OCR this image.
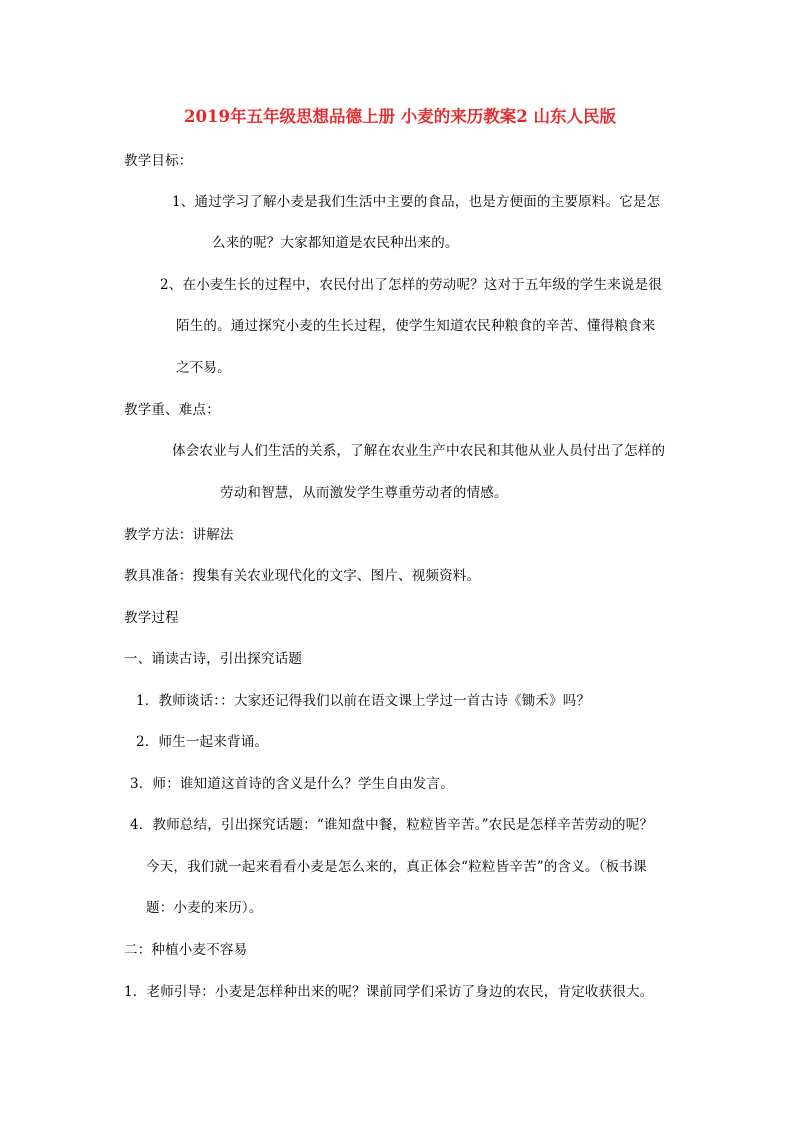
2019年五年级思想品德上册 小麦的来历教案2 山东人民版
教学目标：
1、通过学习了解小麦是我们生活中主要的食品，也是方便面的主要原料。它是怎
么来的呢？大家都知道是农民种出来的。
2、在小麦生长的过程中，农民付出了怎样的劳动呢？这对于五年级的学生来说是很
陌生的。通过探究小麦的生长过程，使学生知道农民种粮食的辛苦、懂得粮食来
之不易。
教学重、难点：
体会农业与人们生活的关系，了解在农业生产中农民和其他从业人员付出了怎样的
劳动和智慧，从而激发学生尊重劳动者的情感。
教学方法：讲解法
教具准备：搜集有关农业现代化的文字、图片、视频资料。
教学过程
一、诵读古诗，引出探究话题
1．教师谈话：：大家还记得我们以前在语文课上学过一首古诗《锄禾》吗？
2．师生一起来背诵。
3．师：谁知道这首诗的含义是什么？学生自由发言。
4．教师总结，引出探究话题：“谁知盘中餐，粒粒皆辛苦。”农民是怎样辛苦劳动的呢？
今天，我们就一起来看看小麦是怎么来的，真正体会“粒粒皆辛苦”的含义。（板书课
题：小麦的来历）。
二：种植小麦不容易
1．老师引导：小麦是怎样种出来的呢？课前同学们采访了身边的农民，肯定收获很大。
